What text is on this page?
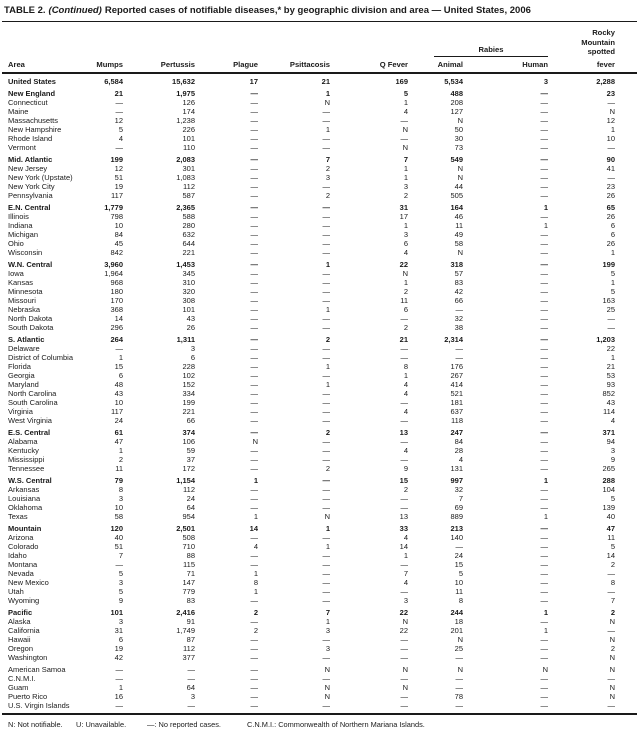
TABLE 2. (Continued) Reported cases of notifiable diseases,* by geographic division and area — United States, 2006
Area	Mumps	Pertussis	Plague	Psittacosis	Q Fever
Rabies
Animal	Human
Rocky
Mountain
spotted
fever
United States	6,584	15,632	17	21	169	5,534	3	2,288
New England	21	1,975	—	1	5	488	—	23
Connecticut	—	126	—	N	1	208	—	—
Maine	—	174	—	—	4	127	—	N
Massachusetts	12	1,238	—	—	—	N	—	12
New Hampshire	5	226	—	1	N	50	—	1
Rhode Island	4	101	—	—	—	30	—	10
Vermont	—	110	—	—	N	73	—	—
Mid. Atlantic	199	2,083	—	7	7	549	—	90
New Jersey	12	301	—	2	1	N	—	41
New York (Upstate)	51	1,083	—	3	1	N	—	—
New York City	19	112	—	—	3	44	—	23
Pennsylvania	117	587	—	2	2	505	—	26
E.N. Central	1,779	2,365	—	—	31	164	1	65
Illinois	798	588	—	—	17	46	—	26
Indiana	10	280	—	—	1	11	1	6
Michigan	84	632	—	—	3	49	—	6
Ohio	45	644	—	—	6	58	—	26
Wisconsin	842	221	—	—	4	N	—	1
W.N. Central	3,960	1,453	—	1	22	318	—	199
Iowa	1,964	345	—	—	N	57	—	5
Kansas	968	310	—	—	1	83	—	1
Minnesota	180	320	—	—	2	42	—	5
Missouri	170	308	—	—	11	66	—	163
Nebraska	368	101	—	1	6	—	—	25
North Dakota	14	43	—	—	—	32	—	—
South Dakota	296	26	—	—	2	38	—	—
S. Atlantic	264	1,311	—	2	21	2,314	—	1,203
Delaware	—	3	—	—	—	—	—	22
District of Columbia	1	6	—	—	—	—	—	1
Florida	15	228	—	1	8	176	—	21
Georgia	6	102	—	—	1	267	—	53
Maryland	48	152	—	1	4	414	—	93
North Carolina	43	334	—	—	4	521	—	852
South Carolina	10	199	—	—	—	181	—	43
Virginia	117	221	—	—	4	637	—	114
West Virginia	24	66	—	—	—	118	—	4
E.S. Central	61	374	—	2	13	247	—	371
Alabama	47	106	N	—	—	84	—	94
Kentucky	1	59	—	—	4	28	—	3
Mississippi	2	37	—	—	—	4	—	9
Tennessee	11	172	—	2	9	131	—	265
W.S. Central	79	1,154	1	—	15	997	1	288
Arkansas	8	112	—	—	2	32	—	104
Louisiana	3	24	—	—	—	7	—	5
Oklahoma	10	64	—	—	—	69	—	139
Texas	58	954	1	N	13	889	1	40
Mountain	120	2,501	14	1	33	213	—	47
Arizona	40	508	—	—	4	140	—	11
Colorado	51	710	4	1	14	—	—	5
Idaho	7	88	—	—	1	24	—	14
Montana	—	115	—	—	—	15	—	2
Nevada	5	71	1	—	7	5	—	—
New Mexico	3	147	8	—	4	10	—	8
Utah	5	779	1	—	—	11	—	—
Wyoming	9	83	—	—	3	8	—	7
Pacific	101	2,416	2	7	22	244	1	2
Alaska	3	91	—	1	N	18	—	N
California	31	1,749	2	3	22	201	1	—
Hawaii	6	87	—	—	—	N	—	N
Oregon	19	112	—	3	—	25	—	2
Washington	42	377	—	—	—	—	—	N
American Samoa	—	—	—	N	N	N	N	N
C.N.M.I.	—	—	—	—	—	—	—	—
Guam	1	64	—	N	N	—	—	N
Puerto Rico	16	3	—	N	—	78	—	N
U.S. Virgin Islands	—	—	—	—	—	—	—	—
N: Not notifiable.	U: Unavailable.	—: No reported cases.	C.N.M.I.: Commonwealth of Northern Mariana Islands.
